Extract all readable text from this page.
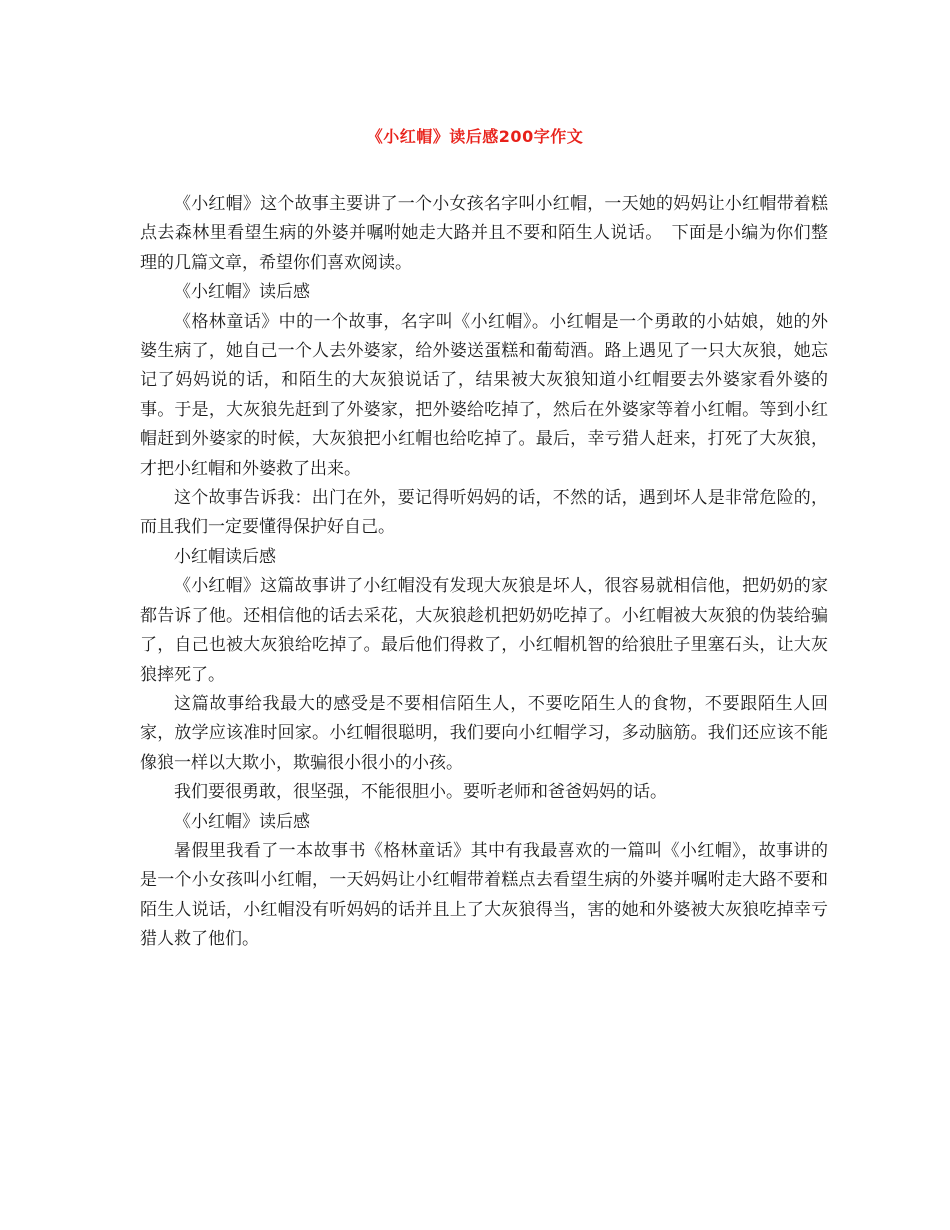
《小红帽》读后感200字作文

《小红帽》这个故事主要讲了一个小女孩名字叫小红帽，一天她的妈妈让小红帽带着糕点去森林里看望生病的外婆并嘱咐她走大路并且不要和陌生人说话。　下面是小编为你们整理的几篇文章，希望你们喜欢阅读。

《小红帽》读后感

《格林童话》中的一个故事，名字叫《小红帽》。小红帽是一个勇敢的小姑娘，她的外婆生病了，她自己一个人去外婆家，给外婆送蛋糕和葡萄酒。路上遇见了一只大灰狼，她忘记了妈妈说的话，和陌生的大灰狼说话了，结果被大灰狼知道小红帽要去外婆家看外婆的事。于是，大灰狼先赶到了外婆家，把外婆给吃掉了，然后在外婆家等着小红帽。等到小红帽赶到外婆家的时候，大灰狼把小红帽也给吃掉了。最后，幸亏猎人赶来，打死了大灰狼，才把小红帽和外婆救了出来。

这个故事告诉我：出门在外，要记得听妈妈的话，不然的话，遇到坏人是非常危险的，而且我们一定要懂得保护好自己。

小红帽读后感

《小红帽》这篇故事讲了小红帽没有发现大灰狼是坏人，很容易就相信他，把奶奶的家都告诉了他。还相信他的话去采花，大灰狼趁机把奶奶吃掉了。小红帽被大灰狼的伪装给骗了，自己也被大灰狼给吃掉了。最后他们得救了，小红帽机智的给狼肚子里塞石头，让大灰狼摔死了。

这篇故事给我最大的感受是不要相信陌生人，不要吃陌生人的食物，不要跟陌生人回家，放学应该准时回家。小红帽很聪明，我们要向小红帽学习，多动脑筋。我们还应该不能像狼一样以大欺小，欺骗很小很小的小孩。

我们要很勇敢，很坚强，不能很胆小。要听老师和爸爸妈妈的话。

《小红帽》读后感

暑假里我看了一本故事书《格林童话》其中有我最喜欢的一篇叫《小红帽》，故事讲的是一个小女孩叫小红帽，一天妈妈让小红帽带着糕点去看望生病的外婆并嘱咐走大路不要和陌生人说话，小红帽没有听妈妈的话并且上了大灰狼得当，害的她和外婆被大灰狼吃掉幸亏猎人救了他们。
